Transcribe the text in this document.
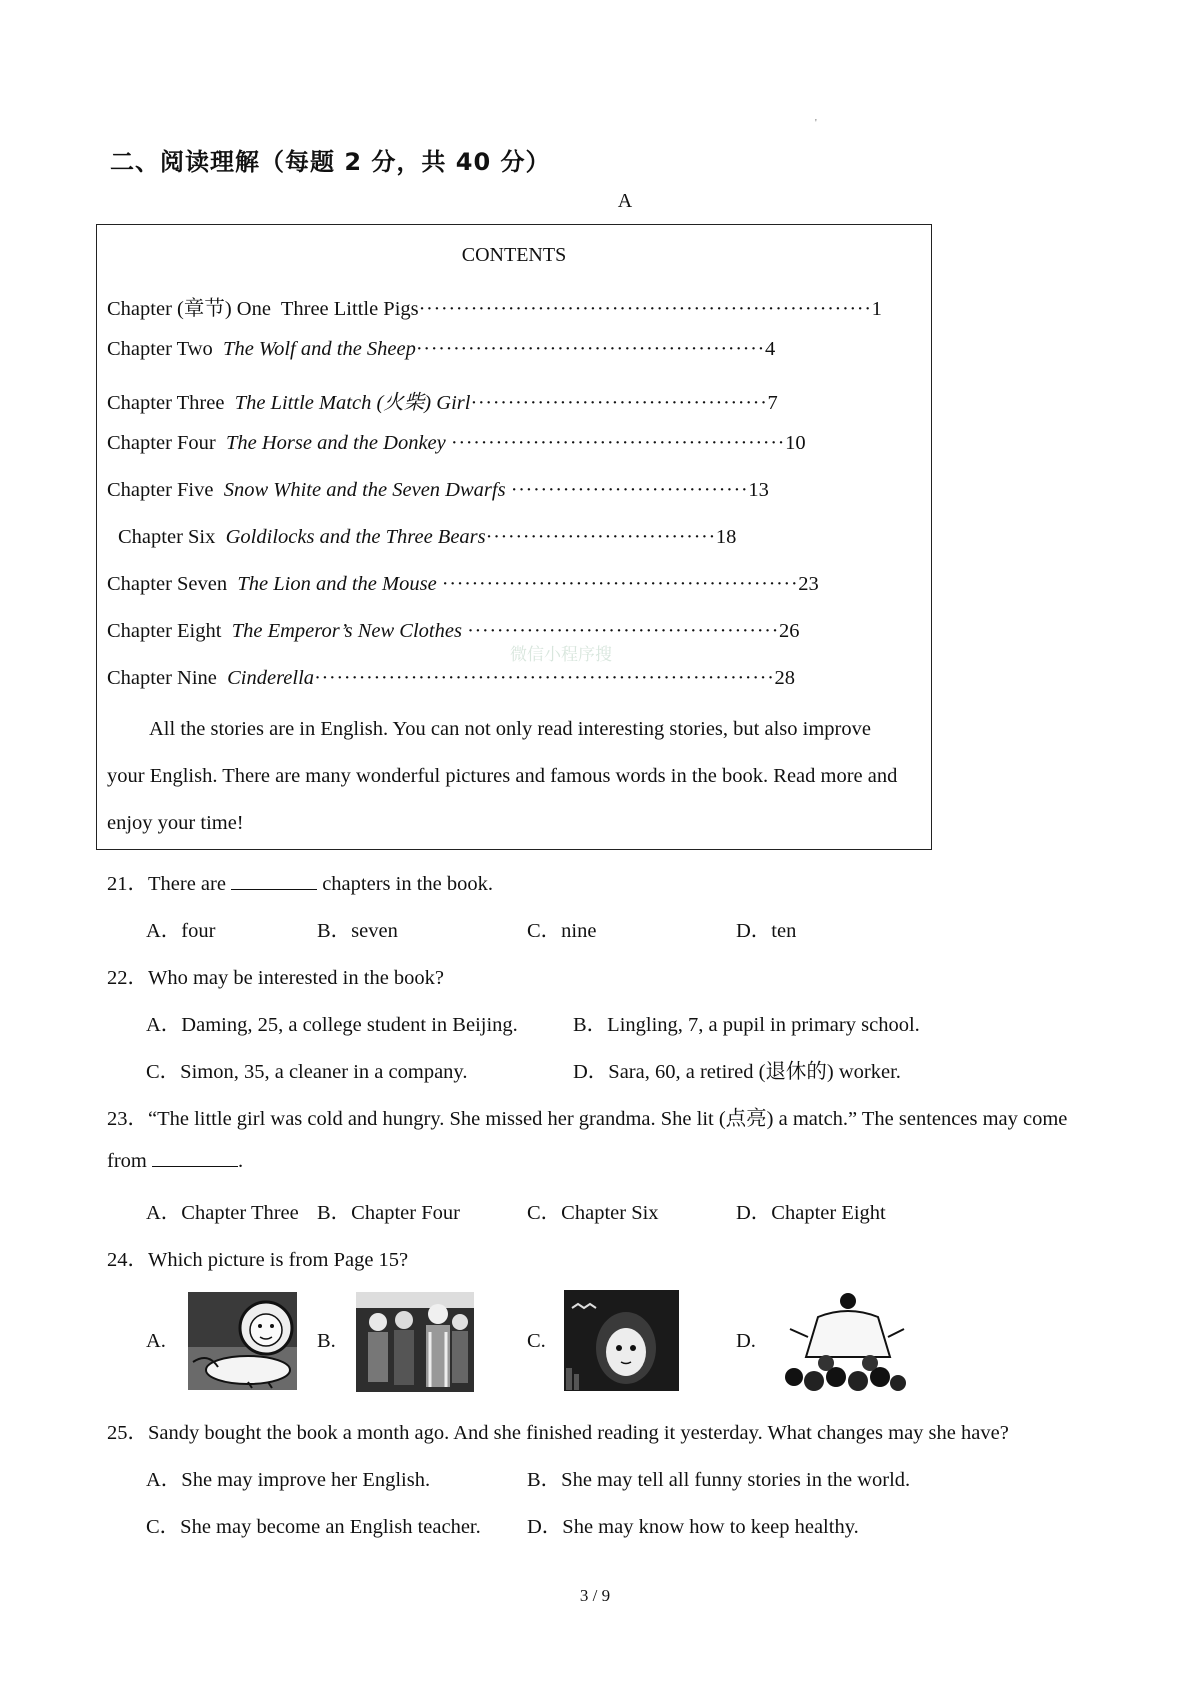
'
二、阅读理解（每题 2 分，共 40 分）
A
CONTENTS
Chapter (章节) One Three Little Pigs·····························································1
Chapter Two The Wolf and the Sheep···············································4
Chapter Three The Little Match (火柴) Girl········································7
Chapter Four The Horse and the Donkey ·············································10
Chapter Five Snow White and the Seven Dwarfs ································13
Chapter Six Goldilocks and the Three Bears·······························18
Chapter Seven The Lion and the Mouse ················································23
Chapter Eight The Emperor’s New Clothes ··········································26
Chapter Nine Cinderella······························································28
微信小程序搜
All the stories are in English. You can not only read interesting stories, but also improve your English. There are many wonderful pictures and famous words in the book. Read more and enjoy your time!
21．There are	chapters in the book.
A．four	B．seven	C．nine	D．ten
22．Who may be interested in the book?
A．Daming, 25, a college student in Beijing.	B．Lingling, 7, a pupil in primary school.
C．Simon, 35, a cleaner in a company.	D．Sara, 60, a retired (退休的) worker.
23．“The little girl was cold and hungry. She missed her grandma. She lit (点亮) a match.” The sentences may come
from	.
A．Chapter Three B．Chapter Four	C．Chapter Six	D．Chapter Eight
24．Which picture is from Page 15?
A.	B.	C.	D.
25．Sandy bought the book a month ago. And she finished reading it yesterday. What changes may she have?
A．She may improve her English.	B．She may tell all funny stories in the world.
C．She may become an English teacher. D．She may know how to keep healthy.
3 / 9
